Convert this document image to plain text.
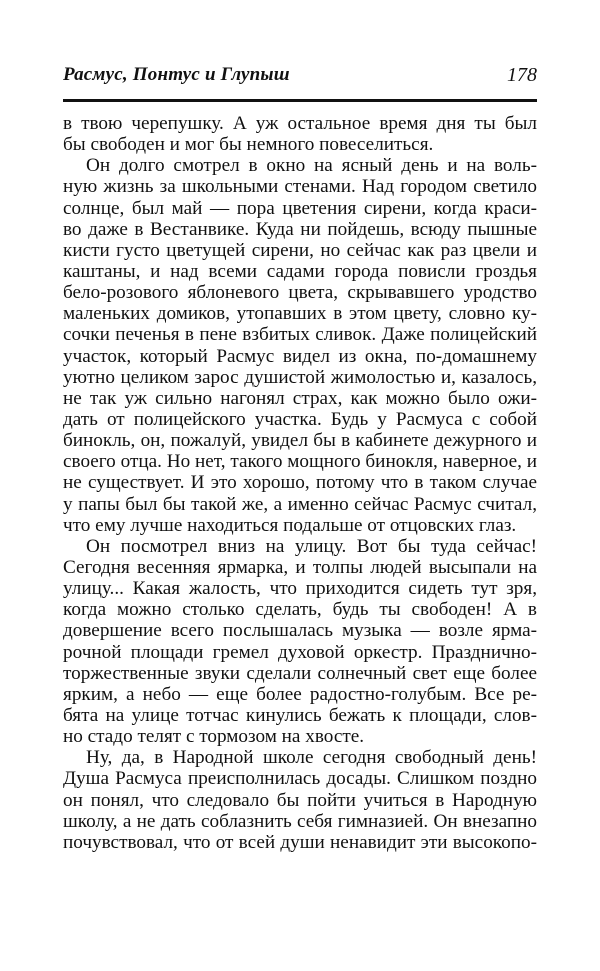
Расмус, Понтус и Глупыш	178
в твою черепушку. А уж остальное время дня ты был
бы свободен и мог бы немного повеселиться.
Он долго смотрел в окно на ясный день и на воль-
ную жизнь за школьными стенами. Над городом светило
солнце, был май — пора цветения сирени, когда краси-
во даже в Вестанвике. Куда ни пойдешь, всюду пышные
кисти густо цветущей сирени, но сейчас как раз цвели и
каштаны, и над всеми садами города повисли гроздья
бело-розового яблоневого цвета, скрывавшего уродство
маленьких домиков, утопавших в этом цвету, словно ку-
сочки печенья в пене взбитых сливок. Даже полицейский
участок, который Расмус видел из окна, по-домашнему
уютно целиком зарос душистой жимолостью и, казалось,
не так уж сильно нагонял страх, как можно было ожи-
дать от полицейского участка. Будь у Расмуса с собой
бинокль, он, пожалуй, увидел бы в кабинете дежурного и
своего отца. Но нет, такого мощного бинокля, наверное, и
не существует. И это хорошо, потому что в таком случае
у папы был бы такой же, а именно сейчас Расмус считал,
что ему лучше находиться подальше от отцовских глаз.
Он посмотрел вниз на улицу. Вот бы туда сейчас!
Сегодня весенняя ярмарка, и толпы людей высыпали на
улицу... Какая жалость, что приходится сидеть тут зря,
когда можно столько сделать, будь ты свободен! А в
довершение всего послышалась музыка — возле ярма-
рочной площади гремел духовой оркестр. Празднично-
торжественные звуки сделали солнечный свет еще более
ярким, а небо — еще более радостно-голубым. Все ре-
бята на улице тотчас кинулись бежать к площади, слов-
но стадо телят с тормозом на хвосте.
Ну, да, в Народной школе сегодня свободный день!
Душа Расмуса преисполнилась досады. Слишком поздно
он понял, что следовало бы пойти учиться в Народную
школу, а не дать соблазнить себя гимназией. Он внезапно
почувствовал, что от всей души ненавидит эти высокопо-
